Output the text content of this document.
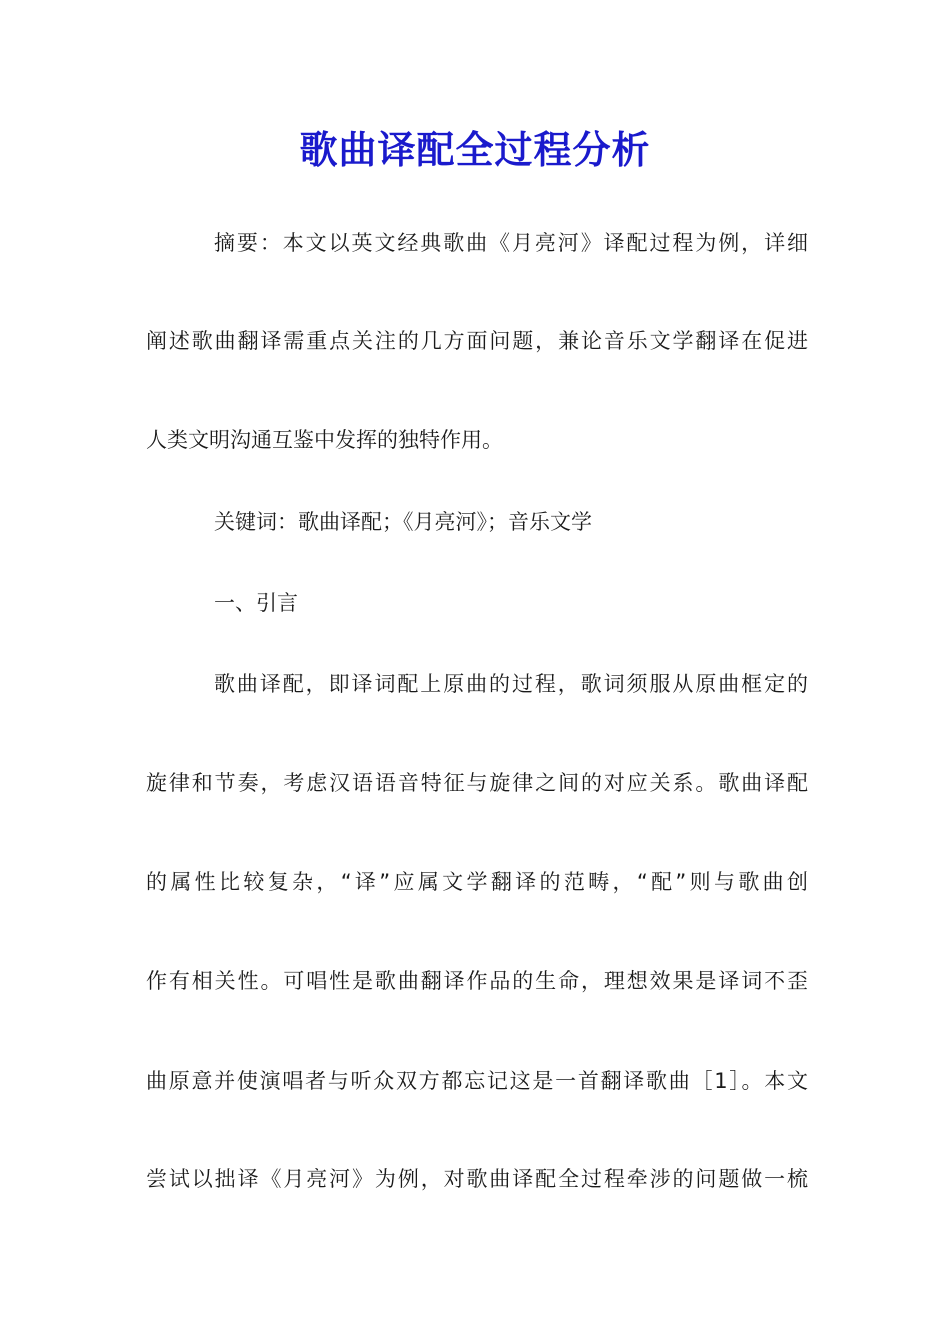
歌曲译配全过程分析

摘要：本文以英文经典歌曲《月亮河》译配过程为例，详细

阐述歌曲翻译需重点关注的几方面问题，兼论音乐文学翻译在促进

人类文明沟通互鉴中发挥的独特作用。

关键词：歌曲译配；《月亮河》；音乐文学

一、引言

歌曲译配，即译词配上原曲的过程，歌词须服从原曲框定的

旋律和节奏，考虑汉语语音特征与旋律之间的对应关系。歌曲译配

的属性比较复杂，“译”应属文学翻译的范畴，“配”则与歌曲创

作有相关性。可唱性是歌曲翻译作品的生命，理想效果是译词不歪

曲原意并使演唱者与听众双方都忘记这是一首翻译歌曲［1］。本文

尝试以拙译《月亮河》为例，对歌曲译配全过程牵涉的问题做一梳
